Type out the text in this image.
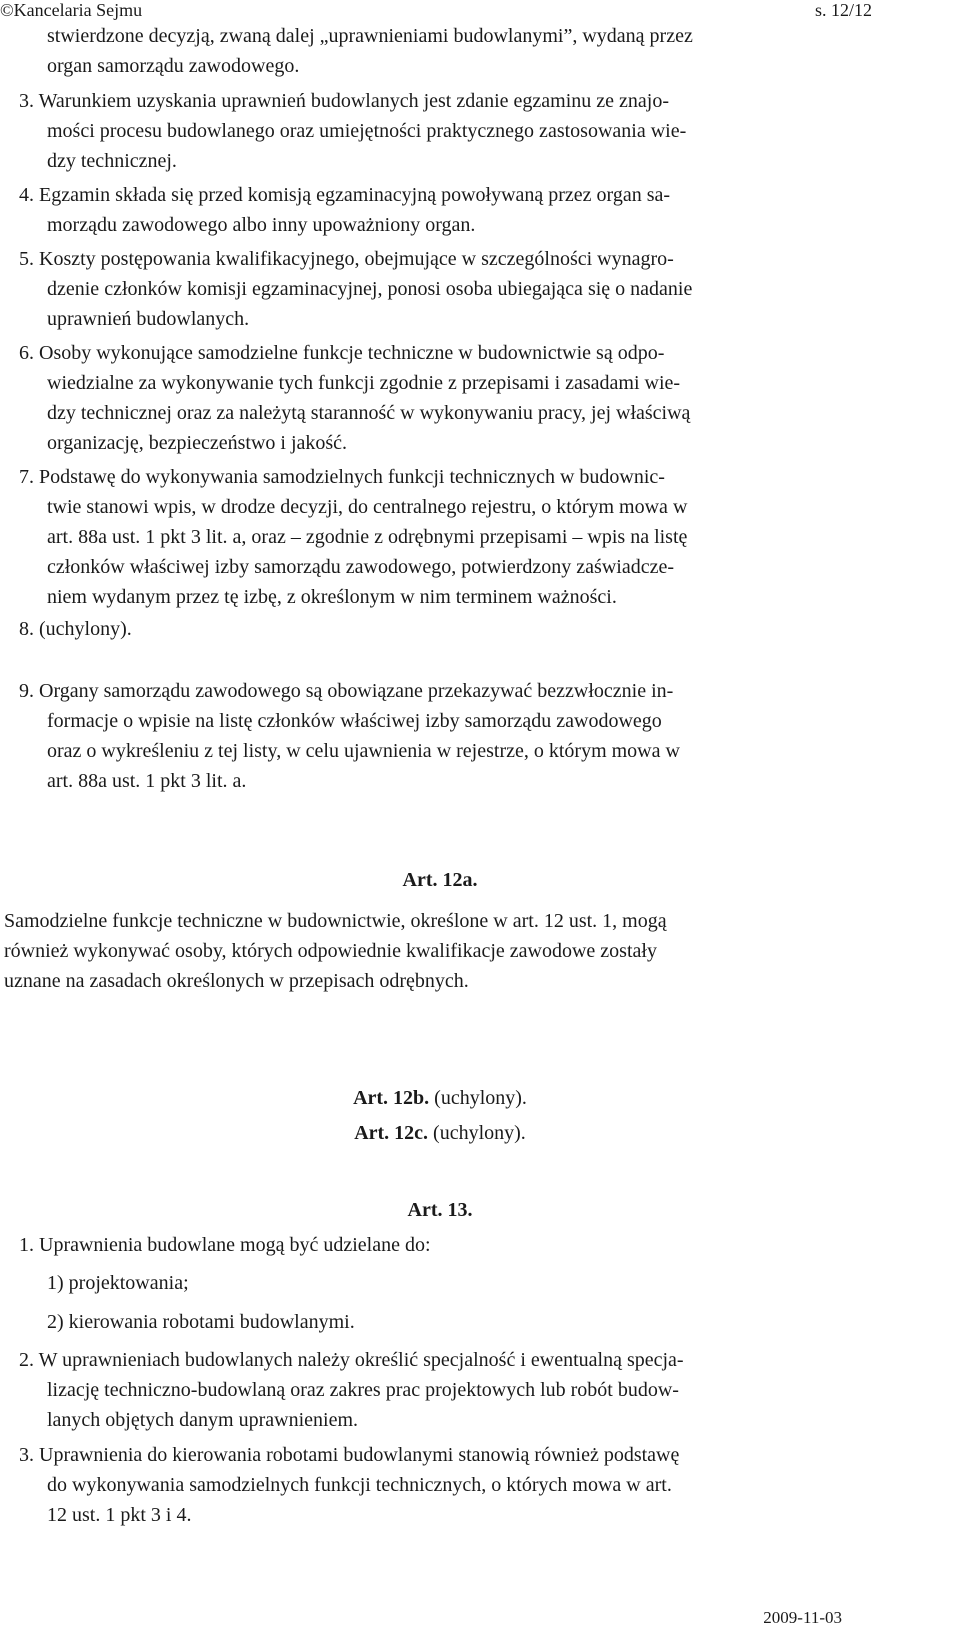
©Kancelaria Sejmu	s. 12/12

stwierdzone decyzją, zwaną dalej „uprawnieniami budowlanymi”, wydaną przez
organ samorządu zawodowego.

3. Warunkiem uzyskania uprawnień budowlanych jest zdanie egzaminu ze znajo-
mości procesu budowlanego oraz umiejętności praktycznego zastosowania wie-
dzy technicznej.

4. Egzamin składa się przed komisją egzaminacyjną powoływaną przez organ sa-
morządu zawodowego albo inny upoważniony organ.

5. Koszty postępowania kwalifikacyjnego, obejmujące w szczególności wynagro-
dzenie członków komisji egzaminacyjnej, ponosi osoba ubiegająca się o nadanie
uprawnień budowlanych.

6. Osoby wykonujące samodzielne funkcje techniczne w budownictwie są odpo-
wiedzialne za wykonywanie tych funkcji zgodnie z przepisami i zasadami wie-
dzy technicznej oraz za należytą staranność w wykonywaniu pracy, jej właściwą
organizację, bezpieczeństwo i jakość.

7. Podstawę do wykonywania samodzielnych funkcji technicznych w budownic-
twie stanowi wpis, w drodze decyzji, do centralnego rejestru, o którym mowa w
art. 88a ust. 1 pkt 3 lit. a, oraz – zgodnie z odrębnymi przepisami – wpis na listę
członków właściwej izby samorządu zawodowego, potwierdzony zaświadcze-
niem wydanym przez tę izbę, z określonym w nim terminem ważności.

8. (uchylony).

9. Organy samorządu zawodowego są obowiązane przekazywać bezzwłocznie in-
formacje o wpisie na listę członków właściwej izby samorządu zawodowego
oraz o wykreśleniu z tej listy, w celu ujawnienia w rejestrze, o którym mowa w
art. 88a ust. 1 pkt 3 lit. a.

Art. 12a.

Samodzielne funkcje techniczne w budownictwie, określone w art. 12 ust. 1, mogą
również wykonywać osoby, których odpowiednie kwalifikacje zawodowe zostały
uznane na zasadach określonych w przepisach odrębnych.

Art. 12b. (uchylony).
Art. 12c. (uchylony).
Art. 13.
1. Uprawnienia budowlane mogą być udzielane do:
1) projektowania;
2) kierowania robotami budowlanymi.

2. W uprawnieniach budowlanych należy określić specjalność i ewentualną specja-
lizację techniczno-budowlaną oraz zakres prac projektowych lub robót budow-
lanych objętych danym uprawnieniem.

3. Uprawnienia do kierowania robotami budowlanymi stanowią również podstawę
do wykonywania samodzielnych funkcji technicznych, o których mowa w art.
12 ust. 1 pkt 3 i 4.

2009-11-03
